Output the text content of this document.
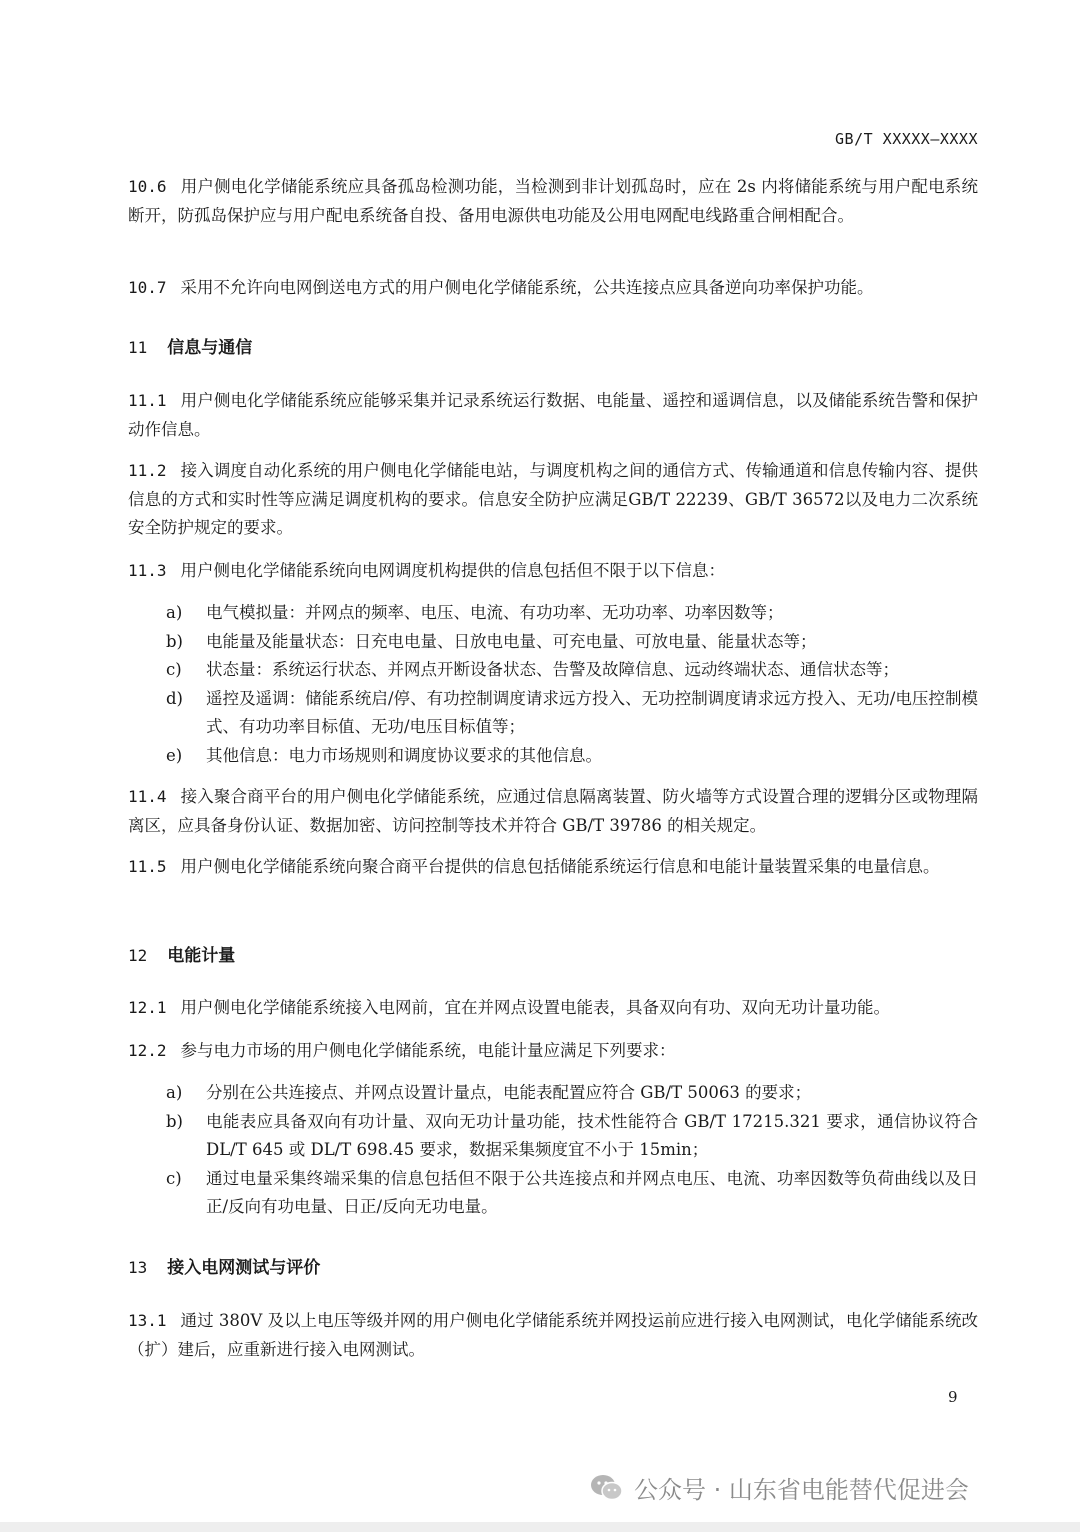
GB/T XXXXX—XXXX
10.6 用户侧电化学储能系统应具备孤岛检测功能，当检测到非计划孤岛时，应在 2s 内将储能系统与用户配电系统断开，防孤岛保护应与用户配电系统备自投、备用电源供电功能及公用电网配电线路重合闸相配合。
10.7 采用不允许向电网倒送电方式的用户侧电化学储能系统，公共连接点应具备逆向功率保护功能。
11 信息与通信
11.1 用户侧电化学储能系统应能够采集并记录系统运行数据、电能量、遥控和遥调信息，以及储能系统告警和保护动作信息。
11.2 接入调度自动化系统的用户侧电化学储能电站，与调度机构之间的通信方式、传输通道和信息传输内容、提供信息的方式和实时性等应满足调度机构的要求。信息安全防护应满足GB/T 22239、GB/T 36572以及电力二次系统安全防护规定的要求。
11.3 用户侧电化学储能系统向电网调度机构提供的信息包括但不限于以下信息：
a)	电气模拟量：并网点的频率、电压、电流、有功功率、无功功率、功率因数等；
b)	电能量及能量状态：日充电电量、日放电电量、可充电量、可放电量、能量状态等；
c)	状态量：系统运行状态、并网点开断设备状态、告警及故障信息、远动终端状态、通信状态等；
d)	遥控及遥调：储能系统启/停、有功控制调度请求远方投入、无功控制调度请求远方投入、无功/电压控制模式、有功功率目标值、无功/电压目标值等；
e)	其他信息：电力市场规则和调度协议要求的其他信息。
11.4 接入聚合商平台的用户侧电化学储能系统，应通过信息隔离装置、防火墙等方式设置合理的逻辑分区或物理隔离区，应具备身份认证、数据加密、访问控制等技术并符合 GB/T 39786 的相关规定。
11.5 用户侧电化学储能系统向聚合商平台提供的信息包括储能系统运行信息和电能计量装置采集的电量信息。
12 电能计量
12.1 用户侧电化学储能系统接入电网前，宜在并网点设置电能表，具备双向有功、双向无功计量功能。
12.2 参与电力市场的用户侧电化学储能系统，电能计量应满足下列要求：
a)	分别在公共连接点、并网点设置计量点，电能表配置应符合 GB/T 50063 的要求；
b)	电能表应具备双向有功计量、双向无功计量功能，技术性能符合 GB/T 17215.321 要求，通信协议符合 DL/T 645 或 DL/T 698.45 要求，数据采集频度宜不小于 15min；
c)	通过电量采集终端采集的信息包括但不限于公共连接点和并网点电压、电流、功率因数等负荷曲线以及日正/反向有功电量、日正/反向无功电量。
13 接入电网测试与评价
13.1 通过 380V 及以上电压等级并网的用户侧电化学储能系统并网投运前应进行接入电网测试，电化学储能系统改（扩）建后，应重新进行接入电网测试。
9
公众号 · 山东省电能替代促进会
